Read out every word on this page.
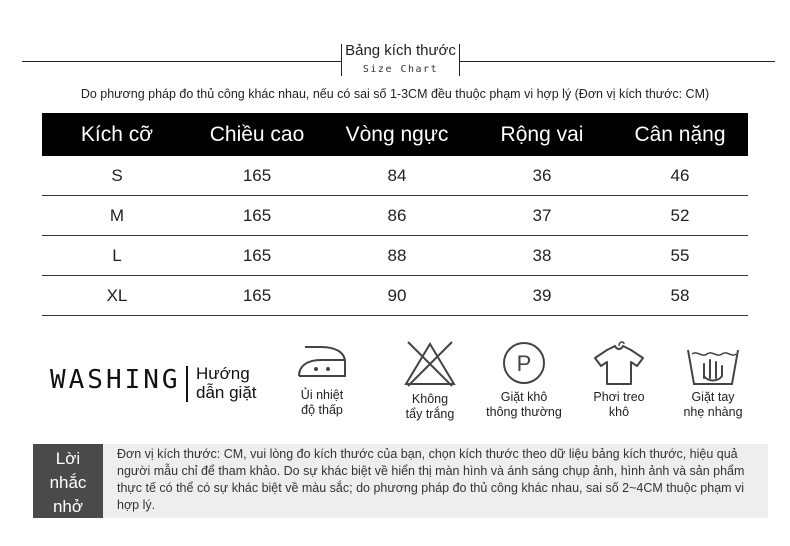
Bảng kích thước
Size Chart
Do phương pháp đo thủ công khác nhau, nếu có sai số 1-3CM đều thuộc phạm vi hợp lý (Đơn vị kích thước: CM)
Kích cỡ	Chiều cao	Vòng ngực	Rộng vai	Cân nặng
S	165	84	36	46
M	165	86	37	52
L	165	88	38	55
XL	165	90	39	58
WASHING Hướng
dẫn giặt	Ủi nhiệt
độ thấp
Không
tẩy trắng
P
Giặt khô
thông thường
Phơi treo
khô
Giặt tay
nhẹ nhàng
Lời
nhắc
nhở
Đơn vị kích thước: CM, vui lòng đo kích thước của bạn, chọn kích thước theo dữ liệu bảng kích thước, hiệu quả người mẫu chỉ để tham khảo. Do sự khác biệt về hiển thị màn hình và ánh sáng chụp ảnh, hình ảnh và sản phẩm thực tế có thể có sự khác biệt về màu sắc; do phương pháp đo thủ công khác nhau, sai số 2~4CM thuộc phạm vi hợp lý.
